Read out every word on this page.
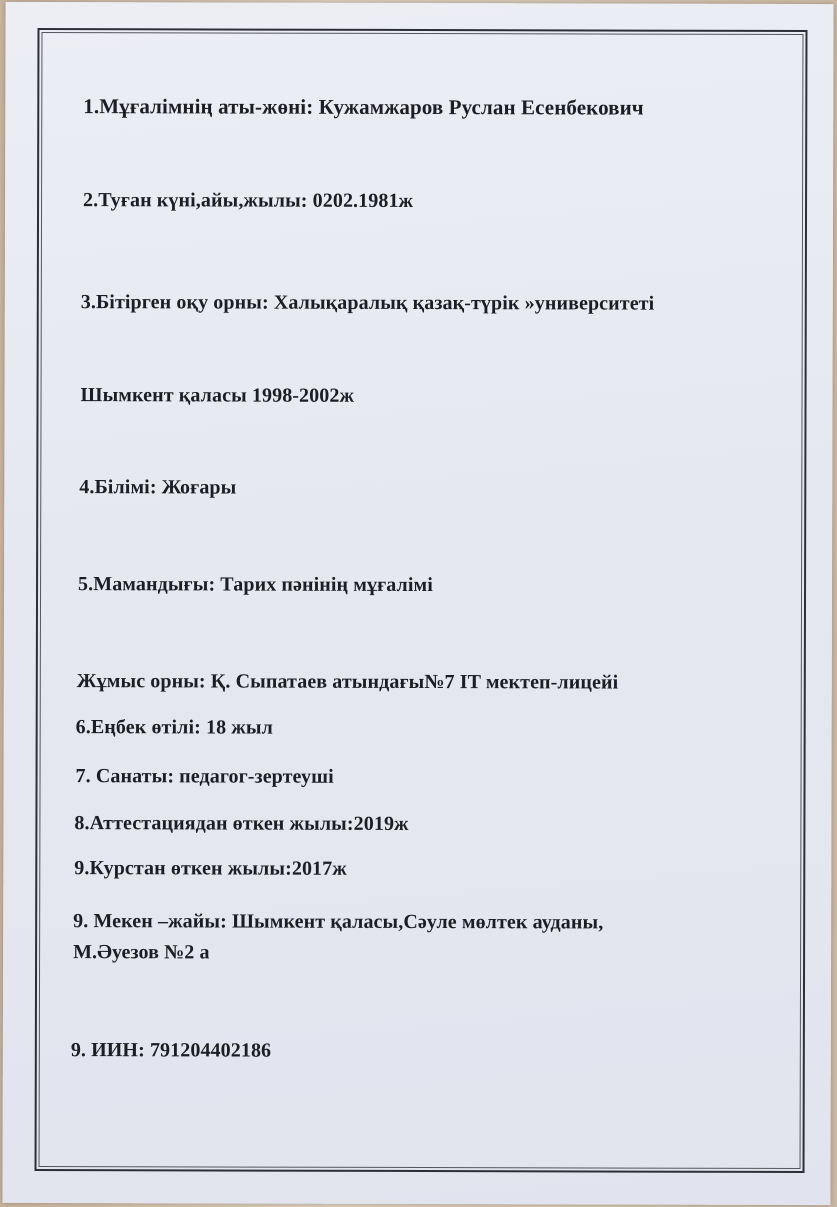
1.Мұғалімнің аты-жөні: Кужамжаров Руслан Есенбекович

2.Туған күні,айы,жылы: 0202.1981ж

3.Бітірген оқу орны: Халықаралық қазақ-түрік »университеті

Шымкент қаласы 1998-2002ж

4.Білімі: Жоғары

5.Мамандығы: Тарих пәнінің мұғалімі

Жұмыс орны: Қ. Сыпатаев атындағы№7 IT мектеп-лицейі

6.Еңбек өтілі: 18 жыл

7. Санаты: педагог-зертеуші

8.Аттестациядан өткен жылы:2019ж

9.Курстан өткен жылы:2017ж

9. Мекен –жайы: Шымкент қаласы,Сәуле мөлтек ауданы,

М.Әуезов №2 а

9. ИИН: 791204402186
